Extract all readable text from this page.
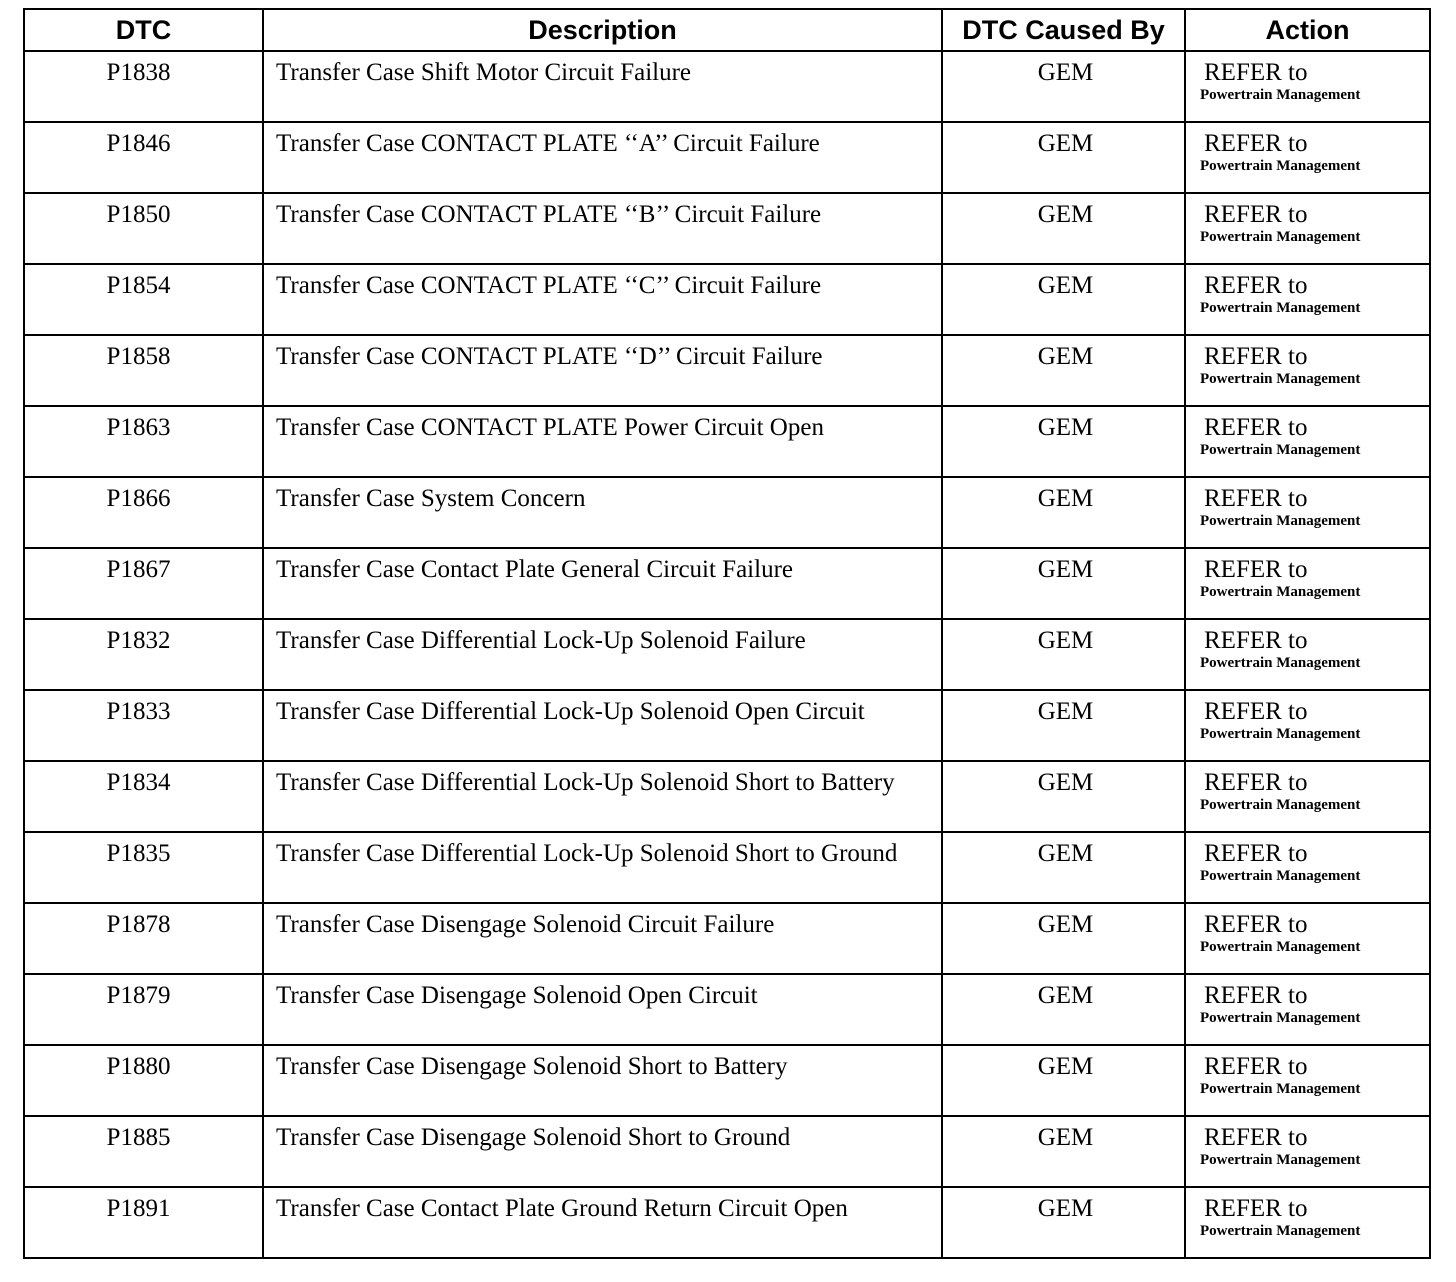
DTC	Description	DTC Caused By	Action
P1838	Transfer Case Shift Motor Circuit Failure	GEM	REFER to
Powertrain Management

P1846	Transfer Case CONTACT PLATE ‘‘A’’ Circuit Failure	GEM	REFER to
Powertrain Management

P1850	Transfer Case CONTACT PLATE ‘‘B’’ Circuit Failure	GEM	REFER to
Powertrain Management

P1854	Transfer Case CONTACT PLATE ‘‘C’’ Circuit Failure	GEM	REFER to
Powertrain Management

P1858	Transfer Case CONTACT PLATE ‘‘D’’ Circuit Failure	GEM	REFER to
Powertrain Management

P1863	Transfer Case CONTACT PLATE Power Circuit Open	GEM	REFER to
Powertrain Management

P1866	Transfer Case System Concern	GEM	REFER to
Powertrain Management

P1867	Transfer Case Contact Plate General Circuit Failure	GEM	REFER to
Powertrain Management

P1832	Transfer Case Differential Lock-Up Solenoid Failure	GEM	REFER to
Powertrain Management

P1833	Transfer Case Differential Lock-Up Solenoid Open Circuit	GEM	REFER to
Powertrain Management

P1834	Transfer Case Differential Lock-Up Solenoid Short to Battery	GEM	REFER to
Powertrain Management

P1835	Transfer Case Differential Lock-Up Solenoid Short to Ground	GEM	REFER to
Powertrain Management

P1878	Transfer Case Disengage Solenoid Circuit Failure	GEM	REFER to
Powertrain Management

P1879	Transfer Case Disengage Solenoid Open Circuit	GEM	REFER to
Powertrain Management

P1880	Transfer Case Disengage Solenoid Short to Battery	GEM	REFER to
Powertrain Management

P1885	Transfer Case Disengage Solenoid Short to Ground	GEM	REFER to
Powertrain Management

P1891	Transfer Case Contact Plate Ground Return Circuit Open	GEM	REFER to
Powertrain Management
